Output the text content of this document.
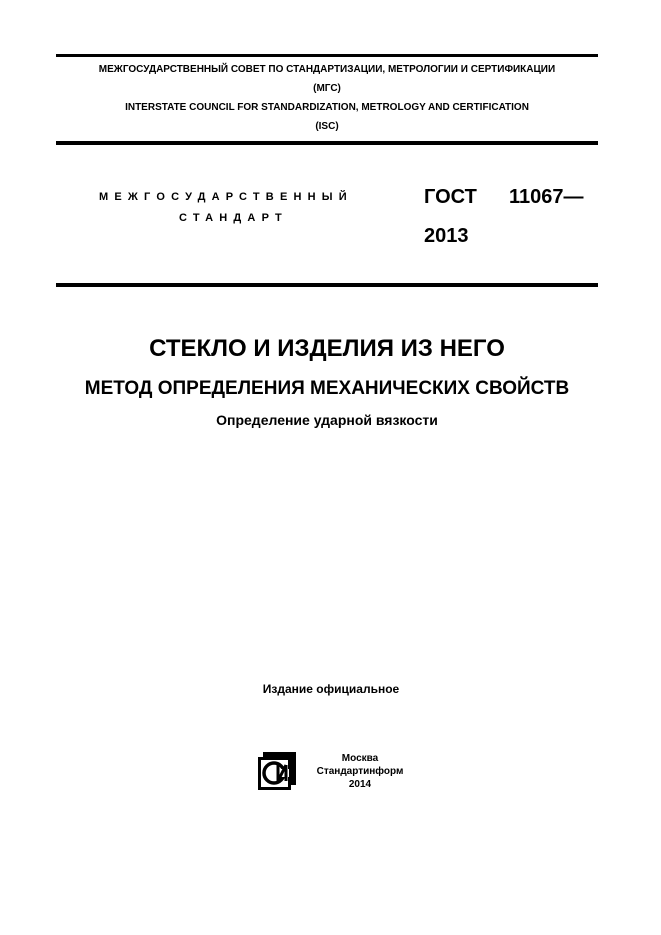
МЕЖГОСУДАРСТВЕННЫЙ СОВЕТ ПО СТАНДАРТИЗАЦИИ, МЕТРОЛОГИИ И СЕРТИФИКАЦИИ
(МГС)
INTERSTATE COUNCIL FOR STANDARDIZATION, METROLOGY AND CERTIFICATION
(ISC)
МЕЖГОСУДАРСТВЕННЫЙ
СТАНДАРТ
ГОСТ 11067—
2013
СТЕКЛО И ИЗДЕЛИЯ ИЗ НЕГО
МЕТОД ОПРЕДЕЛЕНИЯ МЕХАНИЧЕСКИХ СВОЙСТВ
Определение ударной вязкости
Издание официальное
Москва
Стандартинформ
2014
